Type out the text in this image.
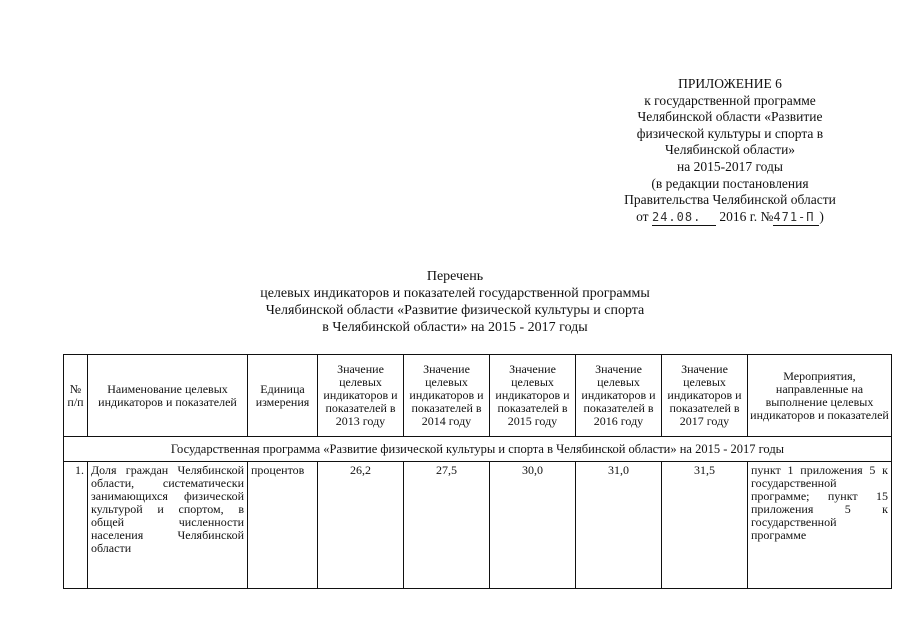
ПРИЛОЖЕНИЕ 6
к государственной программе
Челябинской области «Развитие
физической культуры и спорта в
Челябинской области»
на 2015-2017 годы
(в редакции постановления
Правительства Челябинской области
от 24.08. 2016 г. №471-П )
Перечень
целевых индикаторов и показателей государственной программы
Челябинской области «Развитие физической культуры и спорта
в Челябинской области» на 2015 - 2017 годы
№ п/п	Наименование целевых индикаторов и показателей	Единица измерения	Значение целевых индикаторов и показателей в 2013 году	Значение целевых индикаторов и показателей в 2014 году	Значение целевых индикаторов и показателей в 2015 году	Значение целевых индикаторов и показателей в 2016 году	Значение целевых индикаторов и показателей в 2017 году	Мероприятия, направленные на выполнение целевых индикаторов и показателей
Государственная программа «Развитие физической культуры и спорта в Челябинской области» на 2015 - 2017 годы								
1.	Доля граждан Челябинской области, систематически занимающихся физической культурой и спортом, в общей численности населения Челябинской области	процентов	26,2	27,5	30,0	31,0	31,5	пункт 1 приложения 5 к государственной программе; пункт 15 приложения 5 к государственной программе
